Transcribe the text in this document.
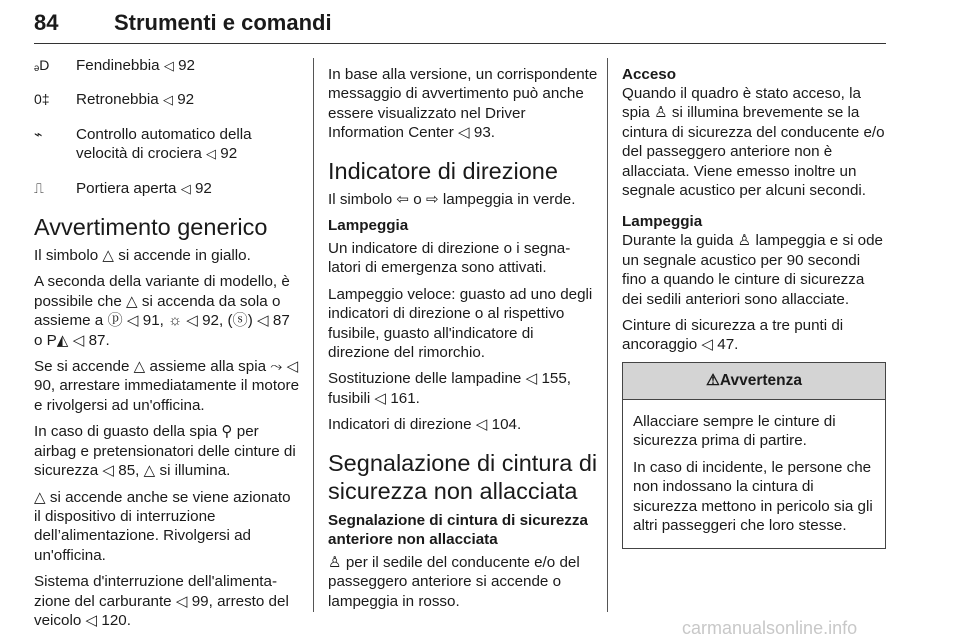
84	Strumenti e comandi
ₔD	Fendinebbia ◁ 92
0‡	Retronebbia ◁ 92
⌁	Controllo automatico della velocità di crociera ◁ 92
⎍	Portiera aperta ◁ 92
Avvertimento generico

Il simbolo △ si accende in giallo.

A seconda della variante di modello, è possibile che △ si accenda da sola o assieme a ⓟ ◁ 91, ☼ ◁ 92, (ⓢ) ◁ 87 o P◭ ◁ 87.

Se si accende △ assieme alla spia ⤳ ◁ 90, arrestare immediatamente il motore e rivolgersi ad un'officina.

In caso di guasto della spia ⚲ per airbag e pretensionatori delle cinture di sicurezza ◁ 85, △ si illumina.

△ si accende anche se viene azionato il dispositivo di interruzione dell’alimentazione. Rivolgersi ad un'officina.

Sistema d'interruzione dell'alimentazione del carburante ◁ 99, arresto del veicolo ◁ 120.

In base alla versione, un corrispondente messaggio di avvertimento può anche essere visualizzato nel Driver Information Center ◁ 93.

Indicatore di direzione

Il simbolo ⇦ o ⇨ lampeggia in verde.

Lampeggia

Un indicatore di direzione o i segnalatori di emergenza sono attivati.

Lampeggio veloce: guasto ad uno degli indicatori di direzione o al rispettivo fusibile, guasto all'indicatore di direzione del rimorchio.

Sostituzione delle lampadine ◁ 155, fusibili ◁ 161.

Indicatori di direzione ◁ 104.

Segnalazione di cintura di sicurezza non allacciata
Segnalazione di cintura di sicurezza anteriore non allacciata

♙ per il sedile del conducente e/o del passeggero anteriore si accende o lampeggia in rosso.

Acceso

Quando il quadro è stato acceso, la spia ♙ si illumina brevemente se la cintura di sicurezza del conducente e/o del passeggero anteriore non è allacciata. Viene emesso inoltre un segnale acustico per alcuni secondi.

Lampeggia

Durante la guida ♙ lampeggia e si ode un segnale acustico per 90 secondi fino a quando le cinture di sicurezza dei sedili anteriori sono allacciate.

Cinture di sicurezza a tre punti di ancoraggio ◁ 47.

⚠Avvertenza

Allacciare sempre le cinture di sicurezza prima di partire.

In caso di incidente, le persone che non indossano la cintura di sicurezza mettono in pericolo sia gli altri passeggeri che loro stesse.

carmanualsonline.info
